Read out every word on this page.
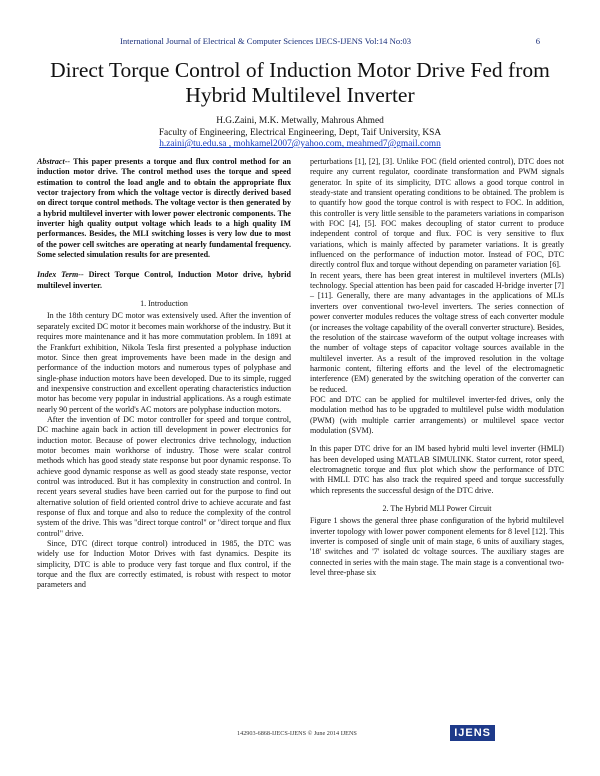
International Journal of Electrical & Computer Sciences IJECS-IJENS Vol:14 No:03	6
Direct Torque Control of Induction Motor Drive Fed from Hybrid Multilevel Inverter
H.G.Zaini, M.K. Metwally, Mahrous Ahmed
Faculty of Engineering, Electrical Engineering, Dept, Taif University, KSA
h.zaini@tu.edu.sa , mohkamel2007@yahoo.com, meahmed7@gmail.comn

Abstract-- This paper presents a torque and flux control method for an induction motor drive. The control method uses the torque and speed estimation to control the load angle and to obtain the appropriate flux vector trajectory from which the voltage vector is directly derived based on direct torque control methods. The voltage vector is then generated by a hybrid multilevel inverter with lower power electronic components. The inverter high quality output voltage which leads to a high quality IM performances. Besides, the MLI switching losses is very low due to most of the power cell switches are operating at nearly fundamental frequency. Some selected simulation results for are presented.

Index Term-- Direct Torque Control, Induction Motor drive, hybrid multilevel inverter.

1. Introduction

In the 18th century DC motor was extensively used. After the invention of separately excited DC motor it becomes main workhorse of the industry. But it requires more maintenance and it has more commutation problem. In 1891 at the Frankfurt exhibition, Nikola Tesla first presented a polyphase induction motor. Since then great improvements have been made in the design and performance of the induction motors and numerous types of polyphase and single-phase induction motors have been developed. Due to its simple, rugged and inexpensive construction and excellent operating characteristics induction motor has become very popular in industrial applications. As a rough estimate nearly 90 percent of the world's AC motors are polyphase induction motors.

After the invention of DC motor controller for speed and torque control, DC machine again back in action till development in power electronics for induction motor. Because of power electronics drive technology, induction motor becomes main workhorse of industry. Those were scalar control methods which has good steady state response but poor dynamic response. To achieve good dynamic response as well as good steady state response, vector control was introduced. But it has complexity in construction and control. In recent years several studies have been carried out for the purpose to find out alternative solution of field oriented control drive to achieve accurate and fast response of flux and torque and also to reduce the complexity of the control system of the drive. This was "direct torque control" or "direct torque and flux control" drive.

Since, DTC (direct torque control) introduced in 1985, the DTC was widely use for Induction Motor Drives with fast dynamics. Despite its simplicity, DTC is able to produce very fast torque and flux control, if the torque and the flux are correctly estimated, is robust with respect to motor parameters and

perturbations [1], [2], [3]. Unlike FOC (field oriented control), DTC does not require any current regulator, coordinate transformation and PWM signals generator. In spite of its simplicity, DTC allows a good torque control in steady-state and transient operating conditions to be obtained. The problem is to quantify how good the torque control is with respect to FOC. In addition, this controller is very little sensible to the parameters variations in comparison with FOC [4], [5]. FOC makes decoupling of stator current to produce independent control of torque and flux. FOC is very sensitive to flux variations, which is mainly affected by parameter variations. It is greatly influenced on the performance of induction motor. Instead of FOC, DTC directly control flux and torque without depending on parameter variation [6].

In recent years, there has been great interest in multilevel inverters (MLIs) technology. Special attention has been paid for cascaded H-bridge inverter [7] – [11]. Generally, there are many advantages in the applications of MLIs inverters over conventional two-level inverters. The series connection of power converter modules reduces the voltage stress of each converter module (or increases the voltage capability of the overall converter structure). Besides, the resolution of the staircase waveform of the output voltage increases with the number of voltage steps of capacitor voltage sources available in the multilevel inverter. As a result of the improved resolution in the voltage harmonic content, filtering efforts and the level of the electromagnetic interference (EM) generated by the switching operation of the converter can be reduced.

FOC and DTC can be applied for multilevel inverter-fed drives, only the modulation method has to be upgraded to multilevel pulse width modulation (PWM) (with multiple carrier arrangements) or multilevel space vector modulation (SVM).

In this paper DTC drive for an IM based hybrid multi level inverter (HMLI) has been developed using MATLAB SIMULINK. Stator current, rotor speed, electromagnetic torque and flux plot which show the performance of DTC with HMLI. DTC has also track the required speed and torque successfully which represents the successful design of the DTC drive.

2. The Hybrid MLI Power Circuit

Figure 1 shows the general three phase configuration of the hybrid multilevel inverter topology with lower power component elements for 8 level [12]. This inverter is composed of single unit of main stage, 6 units of auxiliary stages, '18' switches and '7' isolated dc voltage sources. The auxiliary stages are connected in series with the main stage. The main stage is a conventional two-level three-phase six

142903-6868-IJECS-IJENS © June 2014 IJENS	IJENS
